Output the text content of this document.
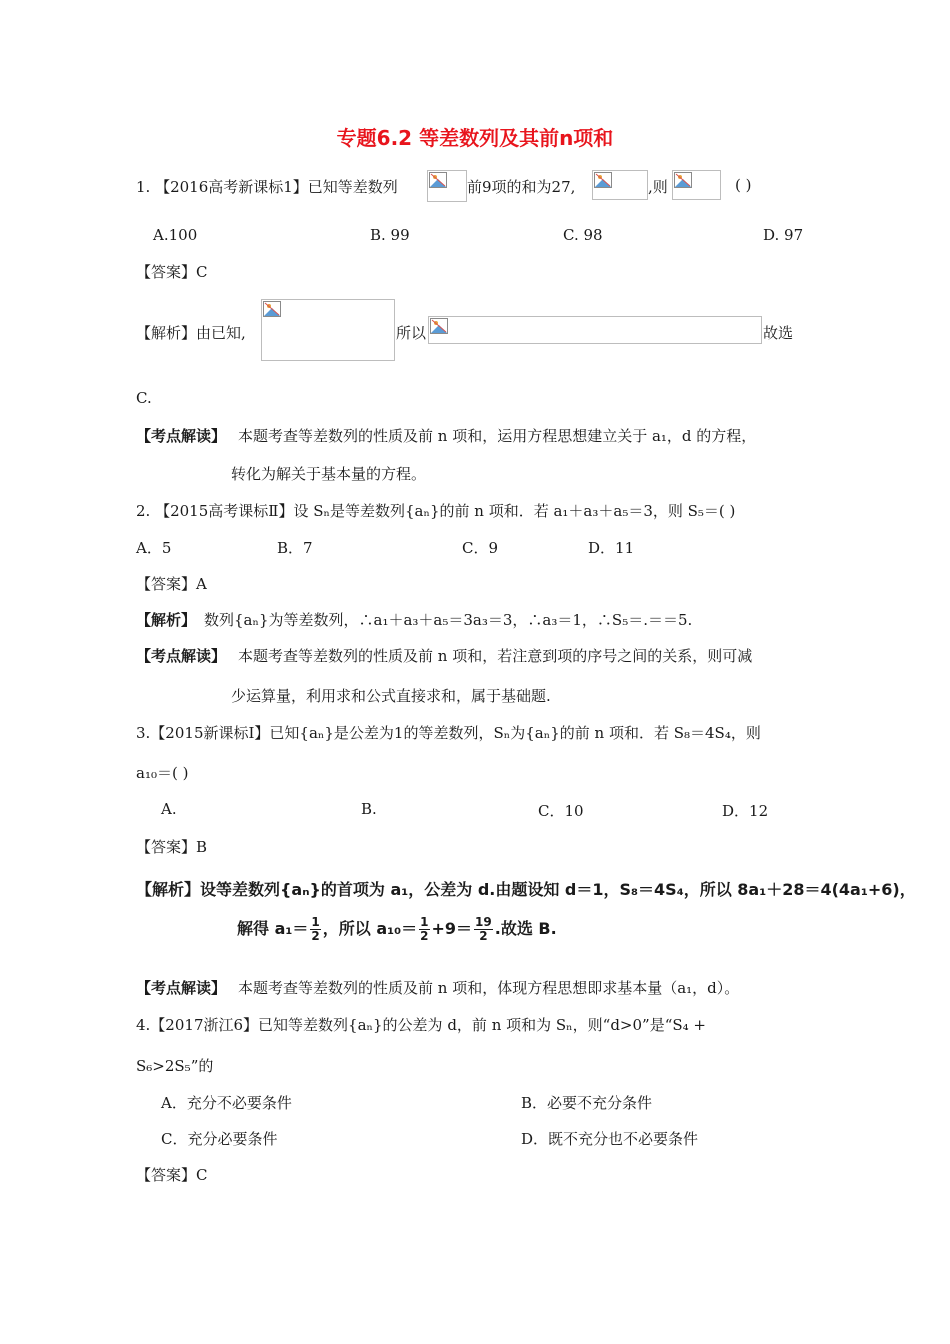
专题6.2 等差数列及其前n项和
1. 【2016高考新课标1】已知等差数列	前9项的和为27,	,则	( )
A.100	B. 99	C. 98	D. 97
【答案】C
【解析】由已知,	所以	故选
C.
【考点解读】 本题考查等差数列的性质及前 n 项和，运用方程思想建立关于 a₁，d 的方程，
转化为解关于基本量的方程。
2. 【2015高考课标Ⅱ】设 Sₙ是等差数列{aₙ}的前 n 项和．若 a₁＋a₃＋a₅＝3，则 S₅＝( )
A．5	B．7	C．9	D．11
【答案】A
【解析】 数列{aₙ}为等差数列，∴a₁＋a₃＋a₅＝3a₃＝3，∴a₃＝1，∴S₅＝.＝＝5.
【考点解读】 本题考查等差数列的性质及前 n 项和，若注意到项的序号之间的关系，则可减
少运算量，利用求和公式直接求和，属于基础题.
3.【2015新课标Ⅰ】已知{aₙ}是公差为1的等差数列，Sₙ为{aₙ}的前 n 项和．若 S₈＝4S₄，则
a₁₀＝( )
A.	B.	C．10	D．12
【答案】B
【解析】设等差数列{aₙ}的首项为 a₁，公差为 d.由题设知 d＝1，S₈＝4S₄，所以 8a₁＋28＝4(4a₁+6)，
解得 $a_1= \frac{1}{2}$ ，所以 $a_{10}= \frac{1}{2} +9= \frac{19}{2}$ .故选 B.
【考点解读】 本题考查等差数列的性质及前 n 项和，体现方程思想即求基本量（a₁，d）。
4.【2017浙江6】已知等差数列{aₙ}的公差为 d，前 n 项和为 Sₙ，则“d>0”是“S₄ +
S₆>2S₅”的
A．充分不必要条件	B．必要不充分条件
C．充分必要条件	D．既不充分也不必要条件
【答案】C
